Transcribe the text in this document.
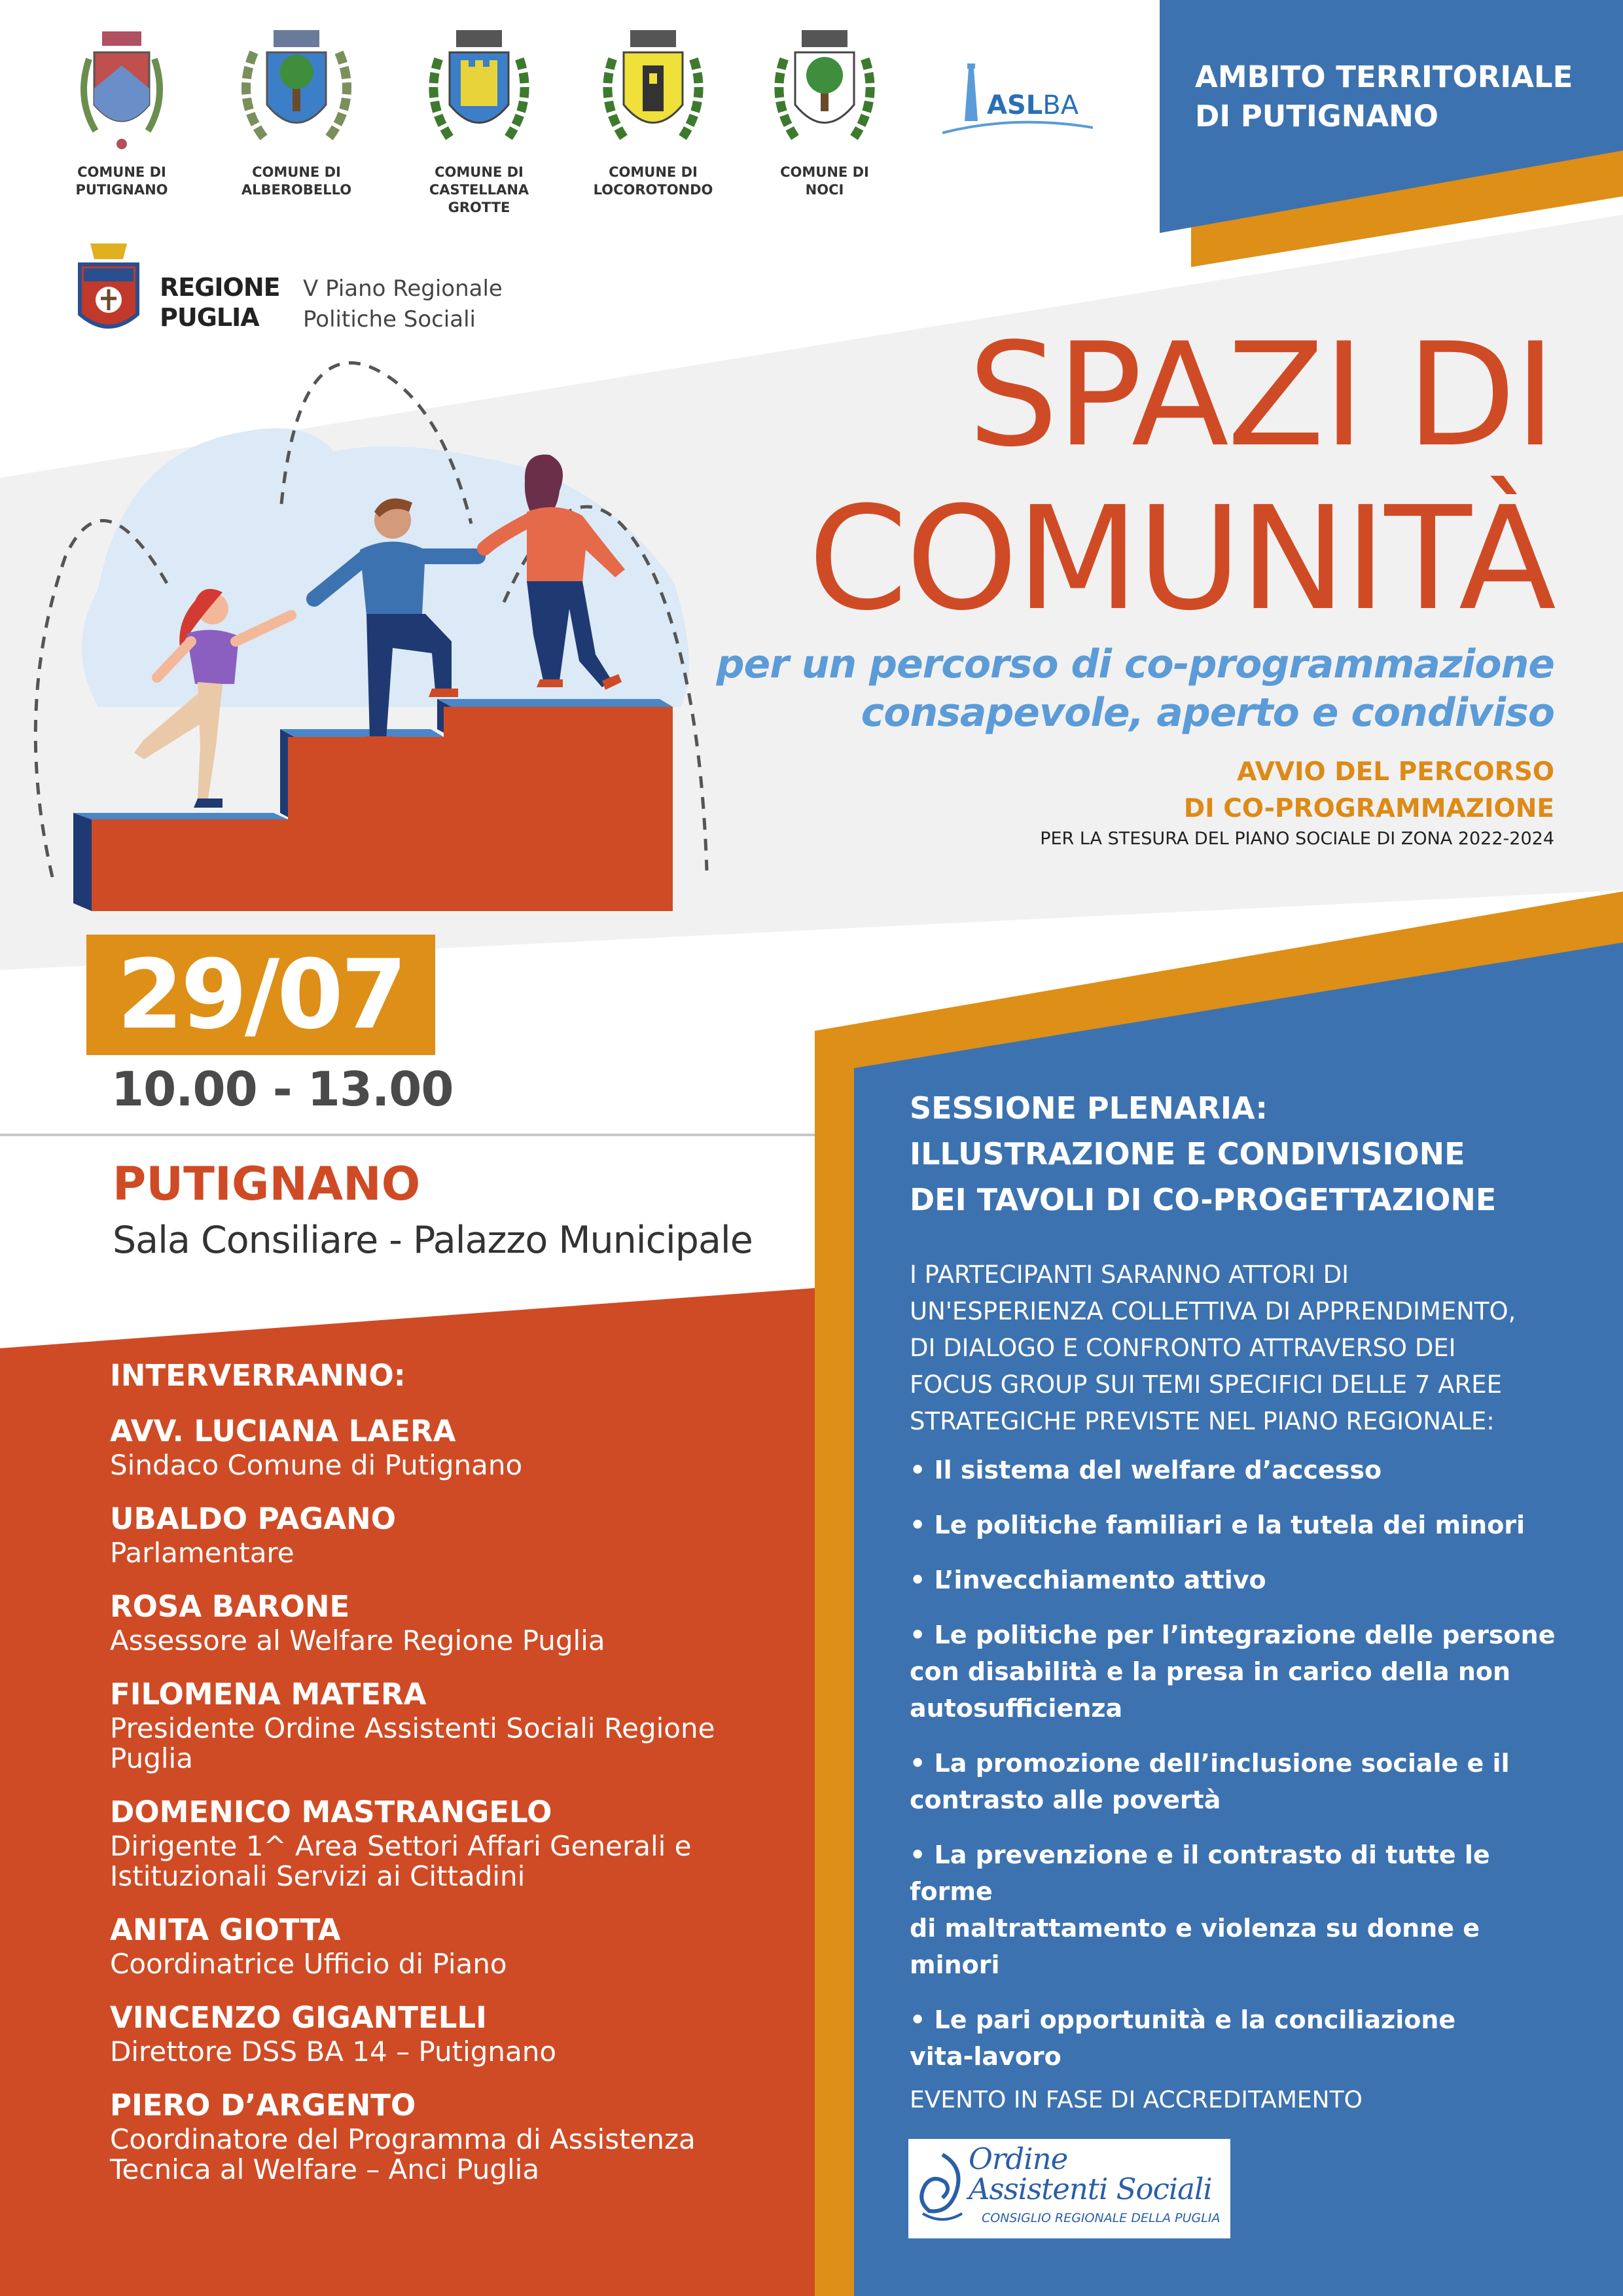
COMUNE DI
PUTIGNANO
COMUNE DI
ALBEROBELLO
COMUNE DI
CASTELLANA GROTTE
COMUNE DI
LOCOROTONDO
COMUNE DI
NOCI
ASLBA
AMBITO TERRITORIALE
DI PUTIGNANO
REGIONE
PUGLIA
V Piano Regionale
Politiche Sociali	SPAZI DI
COMUNITÀ
per un percorso di co-programmazione
consapevole, aperto e condiviso
AVVIO DEL PERCORSO
DI CO-PROGRAMMAZIONE
PER LA STESURA DEL PIANO SOCIALE DI ZONA 2022-2024
29/07
10.00 - 13.00
PUTIGNANO
Sala Consiliare - Palazzo Municipale
INTERVERRANNO:
AVV. LUCIANA LAERA
Sindaco Comune di Putignano
UBALDO PAGANO
Parlamentare
ROSA BARONE
Assessore al Welfare Regione Puglia
FILOMENA MATERA
Presidente Ordine Assistenti Sociali Regione Puglia
DOMENICO MASTRANGELO
Dirigente 1^ Area Settori Affari Generali e
Istituzionali Servizi ai Cittadini
ANITA GIOTTA
Coordinatrice Ufficio di Piano
VINCENZO GIGANTELLI
Direttore DSS BA 14 – Putignano
PIERO D’ARGENTO
Coordinatore del Programma di Assistenza
Tecnica al Welfare – Anci Puglia
SESSIONE PLENARIA:
ILLUSTRAZIONE E CONDIVISIONE
DEI TAVOLI DI CO-PROGETTAZIONE
I PARTECIPANTI SARANNO ATTORI DI
UN'ESPERIENZA COLLETTIVA DI APPRENDIMENTO,
DI DIALOGO E CONFRONTO ATTRAVERSO DEI
FOCUS GROUP SUI TEMI SPECIFICI DELLE 7 AREE
STRATEGICHE PREVISTE NEL PIANO REGIONALE:
• Il sistema del welfare d’accesso
• Le politiche familiari e la tutela dei minori
• L’invecchiamento attivo
• Le politiche per l’integrazione delle persone
con disabilità e la presa in carico della non
autosufficienza
• La promozione dell’inclusione sociale e il
contrasto alle povertà
• La prevenzione e il contrasto di tutte le forme
di maltrattamento e violenza su donne e
minori
• Le pari opportunità e la conciliazione
vita-lavoro
EVENTO IN FASE DI ACCREDITAMENTO
Ordine
Assistenti Sociali
CONSIGLIO REGIONALE DELLA PUGLIA
